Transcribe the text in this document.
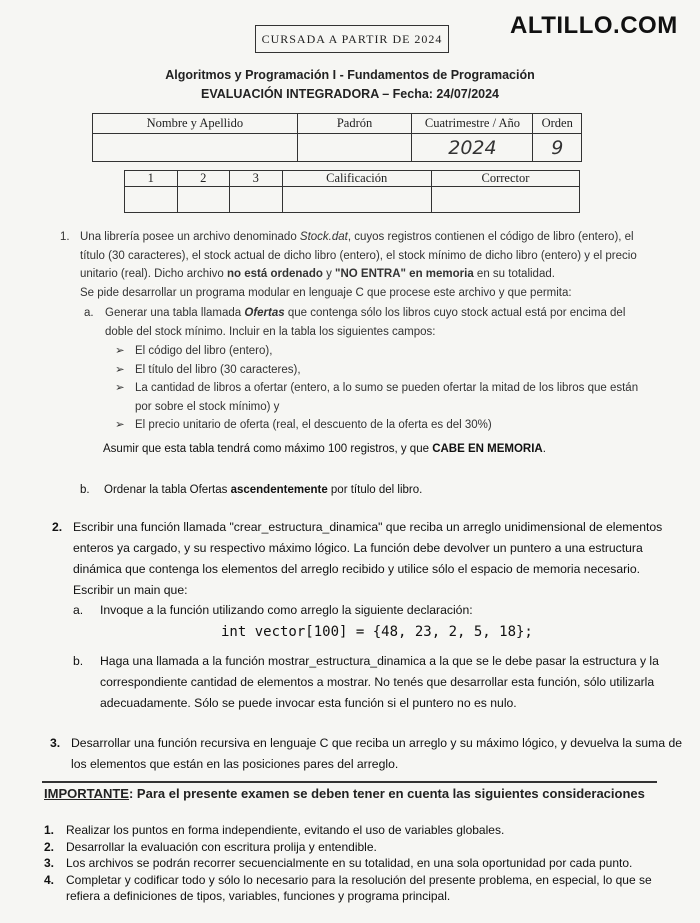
CURSADA A PARTIR DE 2024	ALTILLO.COM
Algoritmos y Programación I - Fundamentos de Programación
EVALUACIÓN INTEGRADORA – Fecha: 24/07/2024
Nombre y Apellido	Padrón	Cuatrimestre / Año	Orden
		2024	9
1	2	3	Calificación	Corrector

1. Una librería posee un archivo denominado Stock.dat, cuyos registros contienen el código de libro (entero), el
título (30 caracteres), el stock actual de dicho libro (entero), el stock mínimo de dicho libro (entero) y el precio
unitario (real). Dicho archivo no está ordenado y "NO ENTRA" en memoria en su totalidad.
Se pide desarrollar un programa modular en lenguaje C que procese este archivo y que permita:
a. Generar una tabla llamada Ofertas que contenga sólo los libros cuyo stock actual está por encima del
doble del stock mínimo. Incluir en la tabla los siguientes campos:
➢ El código del libro (entero),
➢ El título del libro (30 caracteres),
➢ La cantidad de libros a ofertar (entero, a lo sumo se pueden ofertar la mitad de los libros que están
por sobre el stock mínimo) y
➢ El precio unitario de oferta (real, el descuento de la oferta es del 30%)
Asumir que esta tabla tendrá como máximo 100 registros, y que CABE EN MEMORIA.
b. Ordenar la tabla Ofertas ascendentemente por título del libro.
2. Escribir una función llamada "crear_estructura_dinamica" que reciba un arreglo unidimensional de elementos
enteros ya cargado, y su respectivo máximo lógico. La función debe devolver un puntero a una estructura
dinámica que contenga los elementos del arreglo recibido y utilice sólo el espacio de memoria necesario.
Escribir un main que:
a. Invoque a la función utilizando como arreglo la siguiente declaración:
int vector[100] = {48, 23, 2, 5, 18};
b. Haga una llamada a la función mostrar_estructura_dinamica a la que se le debe pasar la estructura y la
correspondiente cantidad de elementos a mostrar. No tenés que desarrollar esta función, sólo utilizarla
adecuadamente. Sólo se puede invocar esta función si el puntero no es nulo.
3. Desarrollar una función recursiva en lenguaje C que reciba un arreglo y su máximo lógico, y devuelva la suma de
los elementos que están en las posiciones pares del arreglo.
IMPORTANTE: Para el presente examen se deben tener en cuenta las siguientes consideraciones
1. Realizar los puntos en forma independiente, evitando el uso de variables globales.
2. Desarrollar la evaluación con escritura prolija y entendible.
3. Los archivos se podrán recorrer secuencialmente en su totalidad, en una sola oportunidad por cada punto.
4. Completar y codificar todo y sólo lo necesario para la resolución del presente problema, en especial, lo que se
refiera a definiciones de tipos, variables, funciones y programa principal.
